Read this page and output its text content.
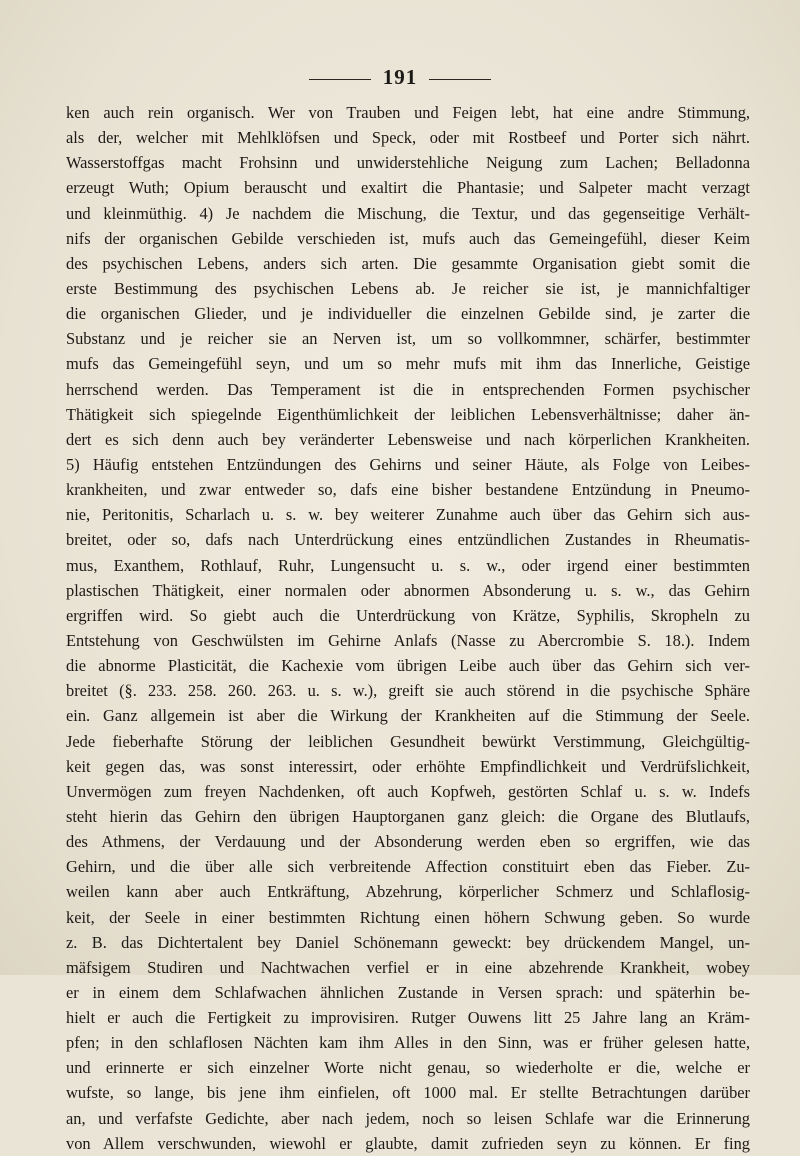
191
ken auch rein organisch. Wer von Trauben und Feigen lebt, hat eine andre Stimmung,
als der, welcher mit Mehlklöfsen und Speck, oder mit Rostbeef und Porter sich nährt.
Wasserstoffgas macht Frohsinn und unwiderstehliche Neigung zum Lachen; Belladonna
erzeugt Wuth; Opium berauscht und exaltirt die Phantasie; und Salpeter macht verzagt
und kleinmüthig. 4) Je nachdem die Mischung, die Textur, und das gegenseitige Verhält-
nifs der organischen Gebilde verschieden ist, mufs auch das Gemeingefühl, dieser Keim
des psychischen Lebens, anders sich arten. Die gesammte Organisation giebt somit die
erste Bestimmung des psychischen Lebens ab. Je reicher sie ist, je mannichfaltiger
die organischen Glieder, und je individueller die einzelnen Gebilde sind, je zarter die
Substanz und je reicher sie an Nerven ist, um so vollkommner, schärfer, bestimmter
mufs das Gemeingefühl seyn, und um so mehr mufs mit ihm das Innerliche, Geistige
herrschend werden. Das Temperament ist die in entsprechenden Formen psychischer
Thätigkeit sich spiegelnde Eigenthümlichkeit der leiblichen Lebensverhältnisse; daher än-
dert es sich denn auch bey veränderter Lebensweise und nach körperlichen Krankheiten.
5) Häufig entstehen Entzündungen des Gehirns und seiner Häute, als Folge von Leibes-
krankheiten, und zwar entweder so, dafs eine bisher bestandene Entzündung in Pneumo-
nie, Peritonitis, Scharlach u. s. w. bey weiterer Zunahme auch über das Gehirn sich aus-
breitet, oder so, dafs nach Unterdrückung eines entzündlichen Zustandes in Rheumatis-
mus, Exanthem, Rothlauf, Ruhr, Lungensucht u. s. w., oder irgend einer bestimmten
plastischen Thätigkeit, einer normalen oder abnormen Absonderung u. s. w., das Gehirn
ergriffen wird. So giebt auch die Unterdrückung von Krätze, Syphilis, Skropheln zu
Entstehung von Geschwülsten im Gehirne Anlafs (Nasse zu Abercrombie S. 18.). Indem
die abnorme Plasticität, die Kachexie vom übrigen Leibe auch über das Gehirn sich ver-
breitet (§. 233. 258. 260. 263. u. s. w.), greift sie auch störend in die psychische Sphäre
ein. Ganz allgemein ist aber die Wirkung der Krankheiten auf die Stimmung der Seele.
Jede fieberhafte Störung der leiblichen Gesundheit bewürkt Verstimmung, Gleichgültig-
keit gegen das, was sonst interessirt, oder erhöhte Empfindlichkeit und Verdrüfslichkeit,
Unvermögen zum freyen Nachdenken, oft auch Kopfweh, gestörten Schlaf u. s. w. Indefs
steht hierin das Gehirn den übrigen Hauptorganen ganz gleich: die Organe des Blutlaufs,
des Athmens, der Verdauung und der Absonderung werden eben so ergriffen, wie das
Gehirn, und die über alle sich verbreitende Affection constituirt eben das Fieber. Zu-
weilen kann aber auch Entkräftung, Abzehrung, körperlicher Schmerz und Schlaflosig-
keit, der Seele in einer bestimmten Richtung einen höhern Schwung geben. So wurde
z. B. das Dichtertalent bey Daniel Schönemann geweckt: bey drückendem Mangel, un-
mäfsigem Studiren und Nachtwachen verfiel er in eine abzehrende Krankheit, wobey
er in einem dem Schlafwachen ähnlichen Zustande in Versen sprach: und späterhin be-
hielt er auch die Fertigkeit zu improvisiren. Rutger Ouwens litt 25 Jahre lang an Kräm-
pfen; in den schlaflosen Nächten kam ihm Alles in den Sinn, was er früher gelesen hatte,
und erinnerte er sich einzelner Worte nicht genau, so wiederholte er die, welche er
wufste, so lange, bis jene ihm einfielen, oft 1000 mal. Er stellte Betrachtungen darüber
an, und verfafste Gedichte, aber nach jedem, noch so leisen Schlafe war die Erinnerung
von Allem verschwunden, wiewohl er glaubte, damit zufrieden seyn zu können. Er fing
